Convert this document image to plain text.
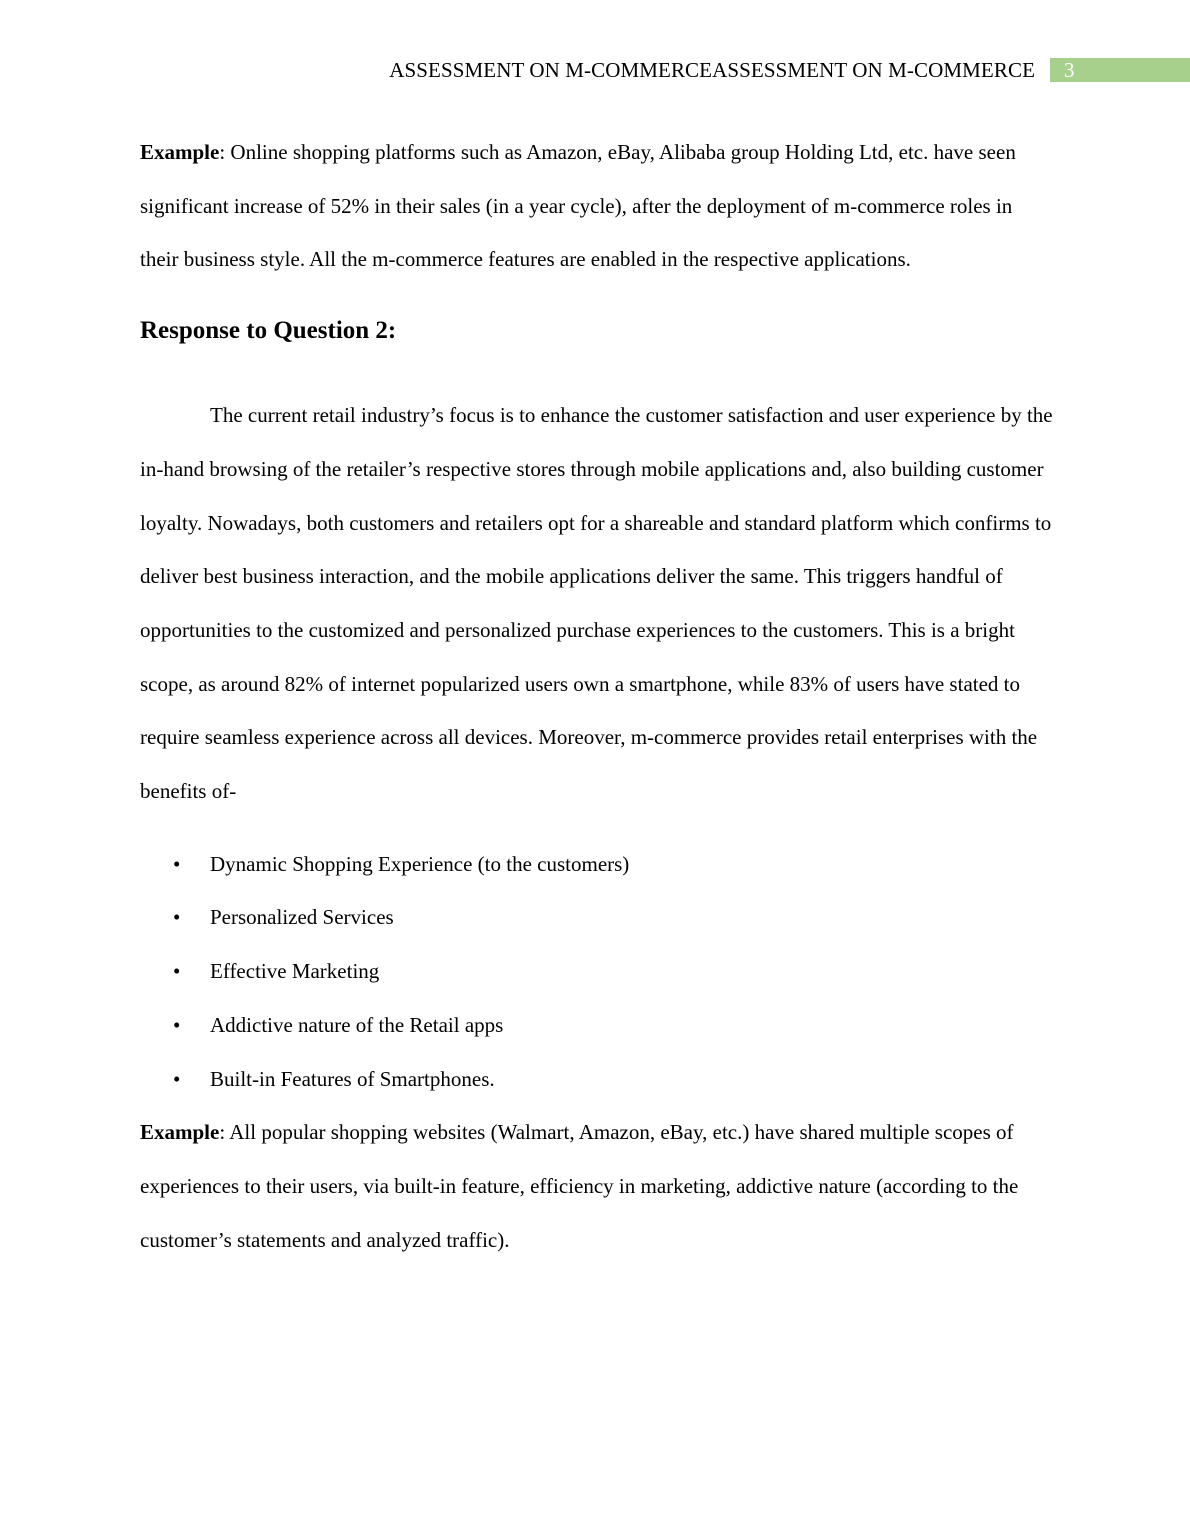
ASSESSMENT ON M-COMMERCEASSESSMENT ON M-COMMERCE 3

Example: Online shopping platforms such as Amazon, eBay, Alibaba group Holding Ltd, etc. have seen significant increase of 52% in their sales (in a year cycle), after the deployment of m-commerce roles in their business style. All the m-commerce features are enabled in the respective applications.

Response to Question 2:

The current retail industry’s focus is to enhance the customer satisfaction and user experience by the in-hand browsing of the retailer’s respective stores through mobile applications and, also building customer loyalty. Nowadays, both customers and retailers opt for a shareable and standard platform which confirms to deliver best business interaction, and the mobile applications deliver the same. This triggers handful of opportunities to the customized and personalized purchase experiences to the customers. This is a bright scope, as around 82% of internet popularized users own a smartphone, while 83% of users have stated to require seamless experience across all devices. Moreover, m-commerce provides retail enterprises with the benefits of-

• Dynamic Shopping Experience (to the customers)
• Personalized Services
• Effective Marketing
• Addictive nature of the Retail apps
• Built-in Features of Smartphones.

Example: All popular shopping websites (Walmart, Amazon, eBay, etc.) have shared multiple scopes of experiences to their users, via built-in feature, efficiency in marketing, addictive nature (according to the customer’s statements and analyzed traffic).
